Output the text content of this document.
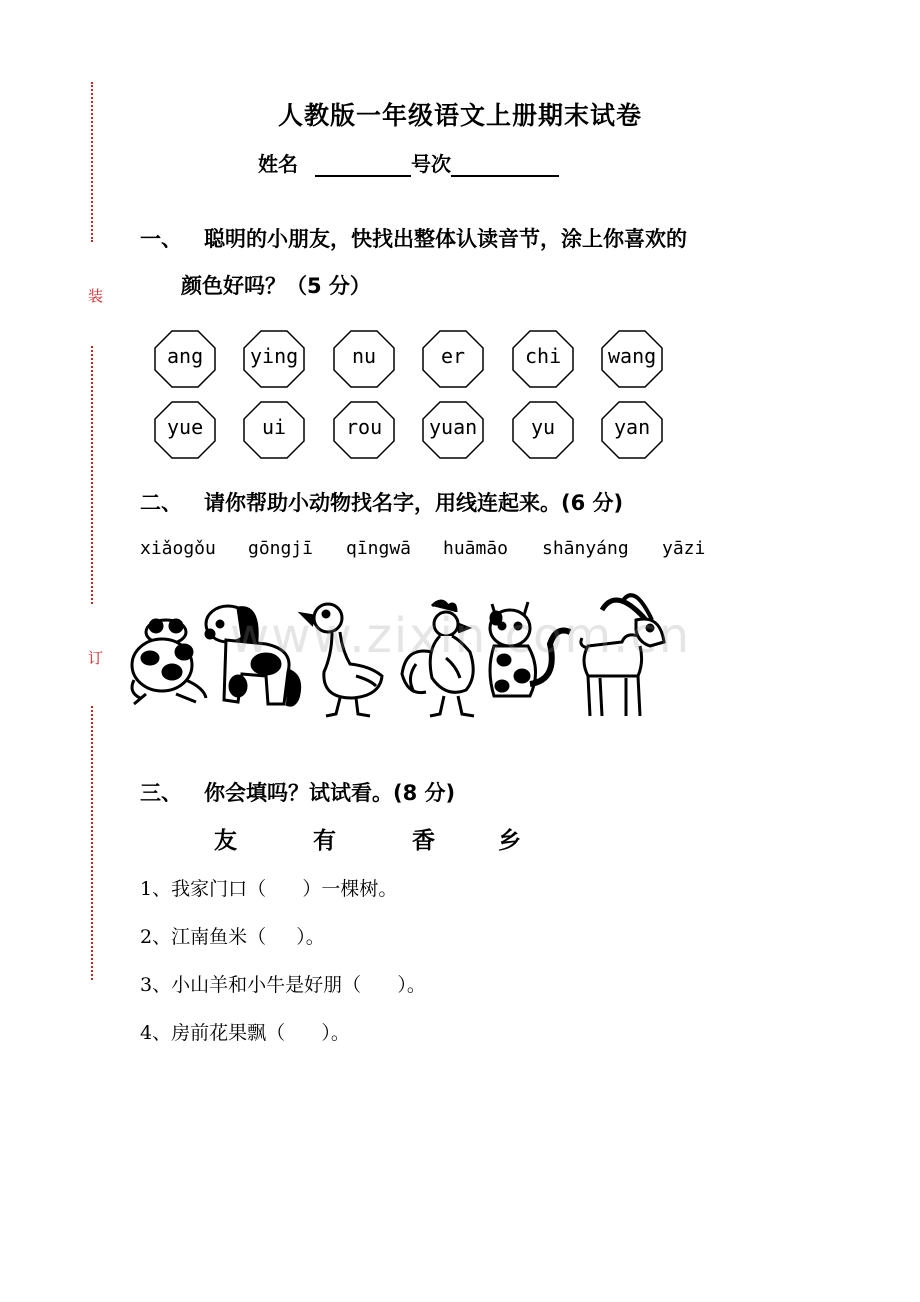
装
订
人教版一年级语文上册期末试卷
姓名	号次
一、 聪明的小朋友，快找出整体认读音节，涂上你喜欢的
颜色好吗？（5 分）
ang ying	nu	er	chi wang
yue	ui	rou yuan	yu	yan
二、 请你帮助小动物找名字，用线连起来。(6 分)
xiǎogǒu gōngjī qīngwā huāmāo shānyáng yāzi
www.zixin.com.cn
三、 你会填吗？试试看。(8 分)
友	有	香	乡
1、我家门口（      ）一棵树。
2、江南鱼米（     ）。
3、小山羊和小牛是好朋（      ）。
4、房前花果飘（      ）。
